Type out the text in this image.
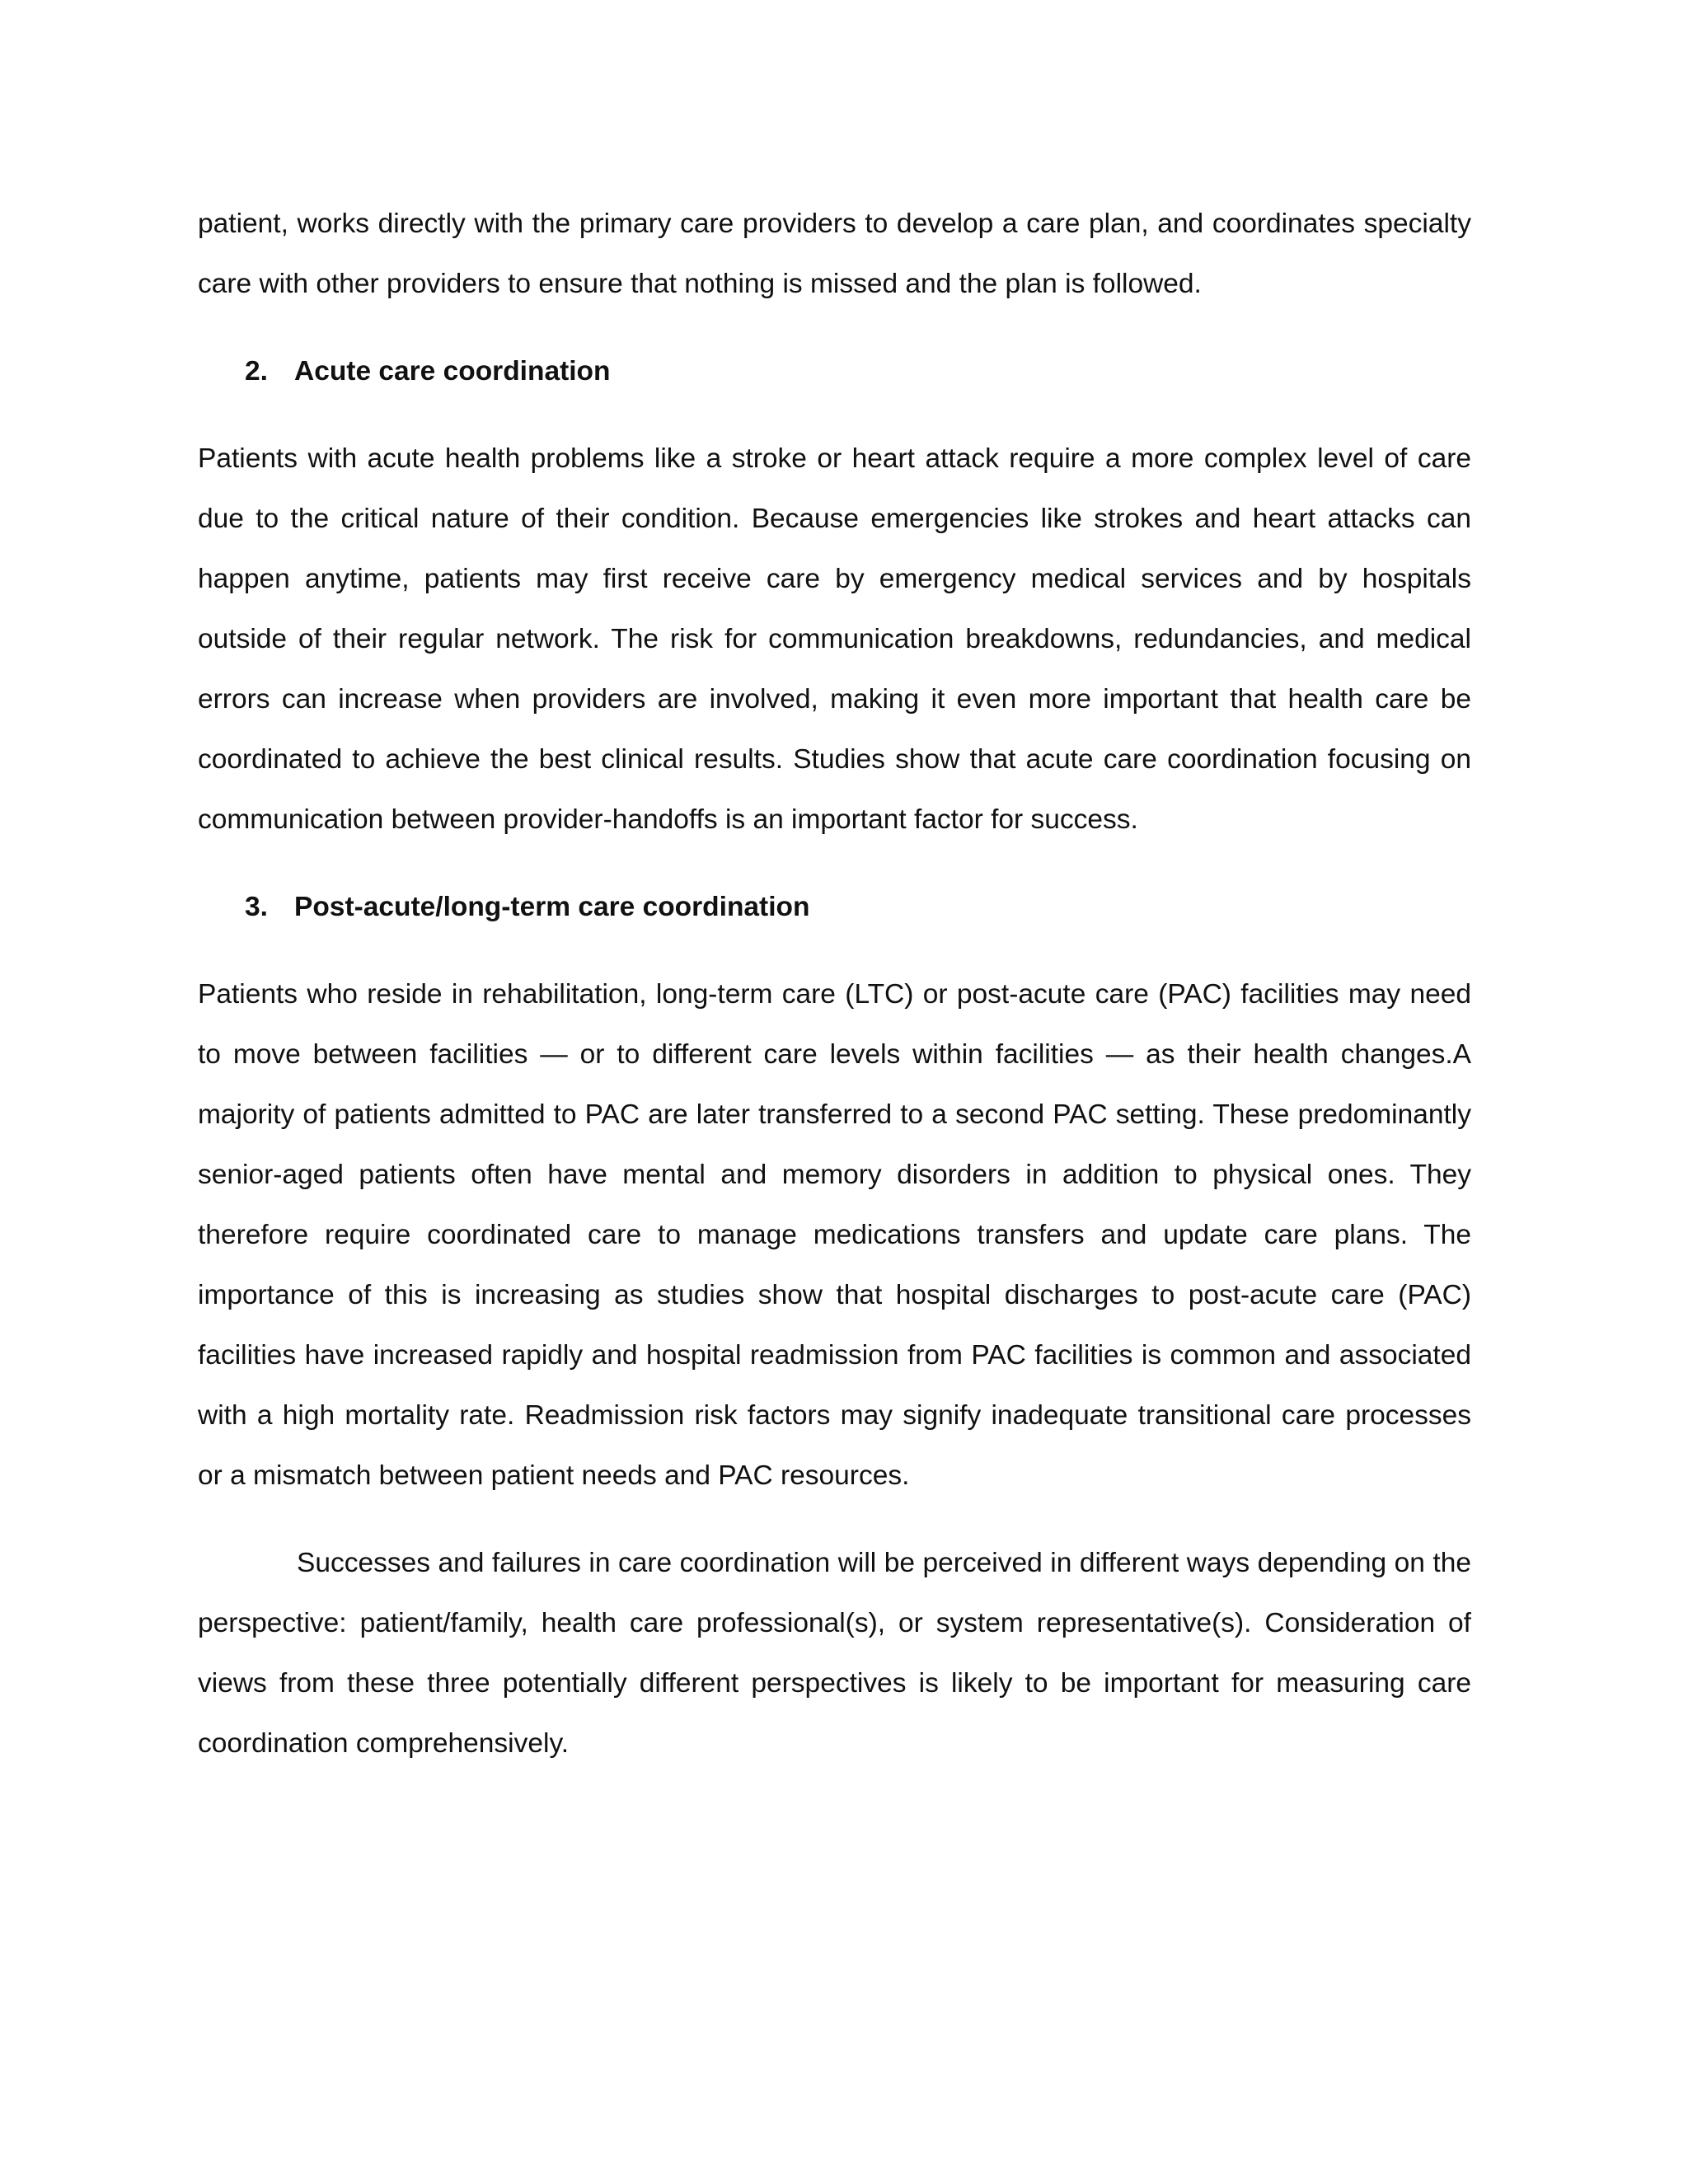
patient, works directly with the primary care providers to develop a care plan, and coordinates specialty care with other providers to ensure that nothing is missed and the plan is followed.

2. Acute care coordination

Patients with acute health problems like a stroke or heart attack require a more complex level of care due to the critical nature of their condition. Because emergencies like strokes and heart attacks can happen anytime, patients may first receive care by emergency medical services and by hospitals outside of their regular network. The risk for communication breakdowns, redundancies, and medical errors can increase when providers are involved, making it even more important that health care be coordinated to achieve the best clinical results. Studies show that acute care coordination focusing on communication between provider-handoffs is an important factor for success.

3. Post-acute/long-term care coordination

Patients who reside in rehabilitation, long-term care (LTC) or post-acute care (PAC) facilities may need to move between facilities — or to different care levels within facilities — as their health changes.A majority of patients admitted to PAC are later transferred to a second PAC setting. These predominantly senior-aged patients often have mental and memory disorders in addition to physical ones. They therefore require coordinated care to manage medications transfers and update care plans. The importance of this is increasing as studies show that hospital discharges to post-acute care (PAC) facilities have increased rapidly and hospital readmission from PAC facilities is common and associated with a high mortality rate. Readmission risk factors may signify inadequate transitional care processes or a mismatch between patient needs and PAC resources.

Successes and failures in care coordination will be perceived in different ways depending on the perspective: patient/family, health care professional(s), or system representative(s). Consideration of views from these three potentially different perspectives is likely to be important for measuring care coordination comprehensively.
